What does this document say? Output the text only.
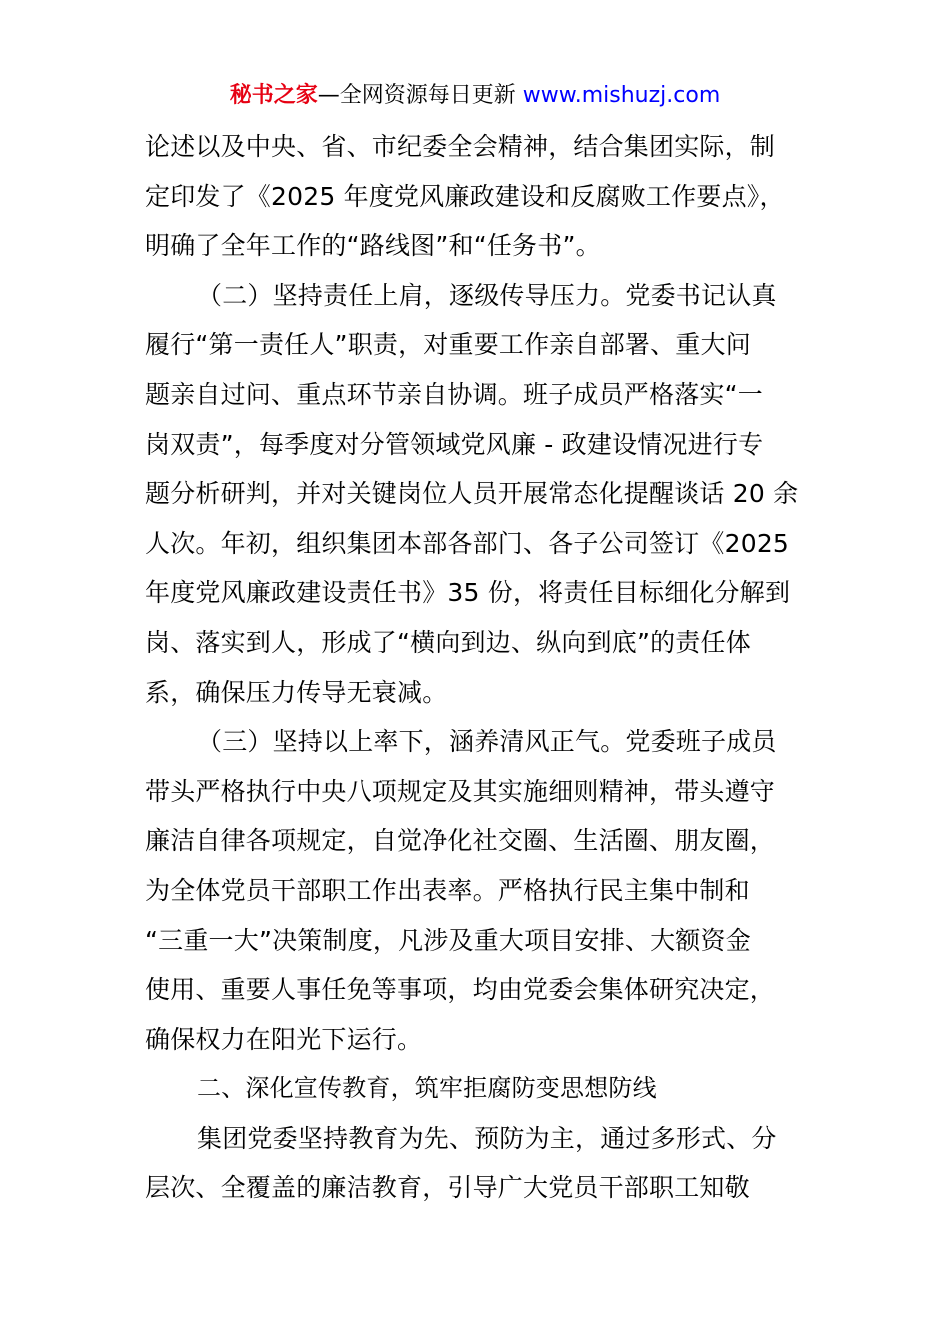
秘书之家—全网资源每日更新 www.mishuzj.com
论述以及中央、省、市纪委全会精神，结合集团实际，制
定印发了《2025 年度党风廉政建设和反腐败工作要点》，
明确了全年工作的“路线图”和“任务书”。
（二）坚持责任上肩，逐级传导压力。党委书记认真
履行“第一责任人”职责，对重要工作亲自部署、重大问
题亲自过问、重点环节亲自协调。班子成员严格落实“一
岗双责”，每季度对分管领域党风廉 - 政建设情况进行专
题分析研判，并对关键岗位人员开展常态化提醒谈话 20 余
人次。年初，组织集团本部各部门、各子公司签订《2025
年度党风廉政建设责任书》35 份，将责任目标细化分解到
岗、落实到人，形成了“横向到边、纵向到底”的责任体
系，确保压力传导无衰减。
（三）坚持以上率下，涵养清风正气。党委班子成员
带头严格执行中央八项规定及其实施细则精神，带头遵守
廉洁自律各项规定，自觉净化社交圈、生活圈、朋友圈，
为全体党员干部职工作出表率。严格执行民主集中制和
“三重一大”决策制度，凡涉及重大项目安排、大额资金
使用、重要人事任免等事项，均由党委会集体研究决定，
确保权力在阳光下运行。
二、深化宣传教育，筑牢拒腐防变思想防线
集团党委坚持教育为先、预防为主，通过多形式、分
层次、全覆盖的廉洁教育，引导广大党员干部职工知敬
